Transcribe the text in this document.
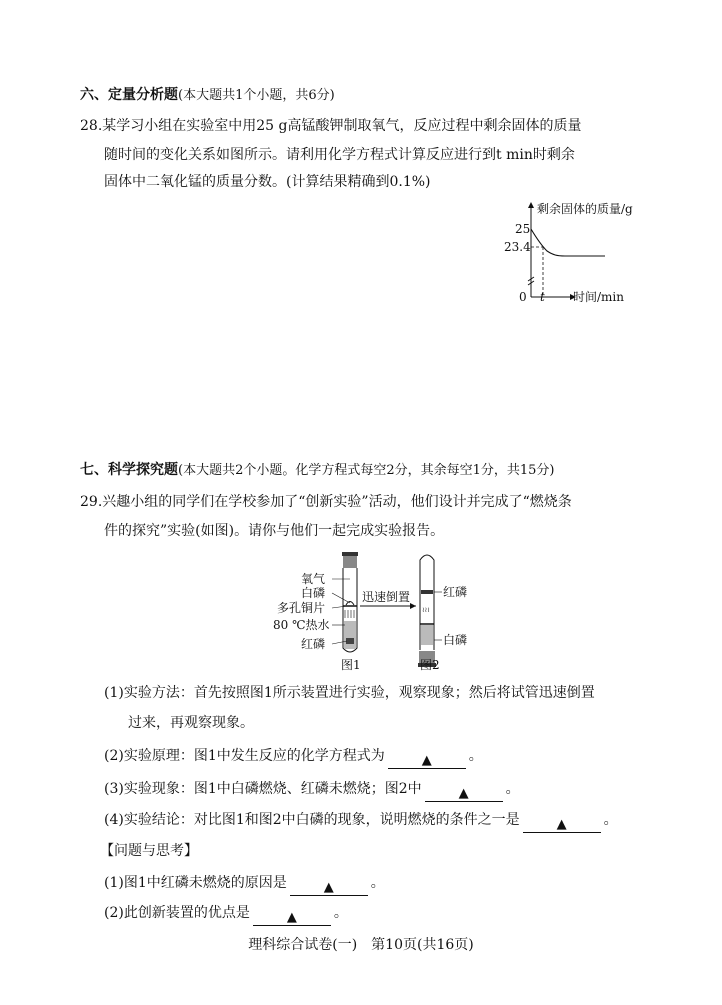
六、定量分析题(本大题共1个小题，共6分)
28.某学习小组在实验室中用25 g高锰酸钾制取氧气，反应过程中剩余固体的质量
随时间的变化关系如图所示。请利用化学方程式计算反应进行到t min时剩余
固体中二氧化锰的质量分数。(计算结果精确到0.1%)
剩余固体的质量/g
25
23.4
0 t 时间/min
七、科学探究题(本大题共2个小题。化学方程式每空2分，其余每空1分，共15分)
29.兴趣小组的同学们在学校参加了“创新实验”活动，他们设计并完成了“燃烧条
件的探究”实验(如图)。请你与他们一起完成实验报告。
氧气
白磷
多孔铜片
80 ℃热水
红磷
图1
迅速倒置
≀≀≀
红磷
白磷
图2
(1)实验方法：首先按照图1所示装置进行实验，观察现象；然后将试管迅速倒置
过来，再观察现象。
(2)实验原理：图1中发生反应的化学方程式为	▲	。
(3)实验现象：图1中白磷燃烧、红磷未燃烧；图2中	▲	。
(4)实验结论：对比图1和图2中白磷的现象，说明燃烧的条件之一是	▲	。
【问题与思考】
(1)图1中红磷未燃烧的原因是	▲	。
(2)此创新装置的优点是	▲	。
理科综合试卷(一)　第10页(共16页)
